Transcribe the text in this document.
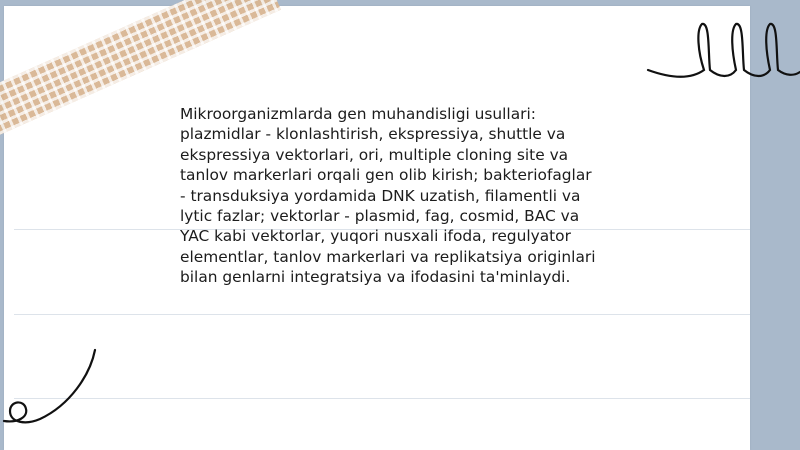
Mikroorganizmlarda gen muhandisligi usullari:
plazmidlar - klonlashtirish, ekspressiya, shuttle va
ekspressiya vektorlari, ori, multiple cloning site va
tanlov markerlari orqali gen olib kirish; bakteriofaglar
- transduksiya yordamida DNK uzatish, filamentli va
lytic fazlar; vektorlar - plasmid, fag, cosmid, BAC va
YAC kabi vektorlar, yuqori nusxali ifoda, regulyator
elementlar, tanlov markerlari va replikatsiya originlari
bilan genlarni integratsiya va ifodasini ta'minlaydi.
